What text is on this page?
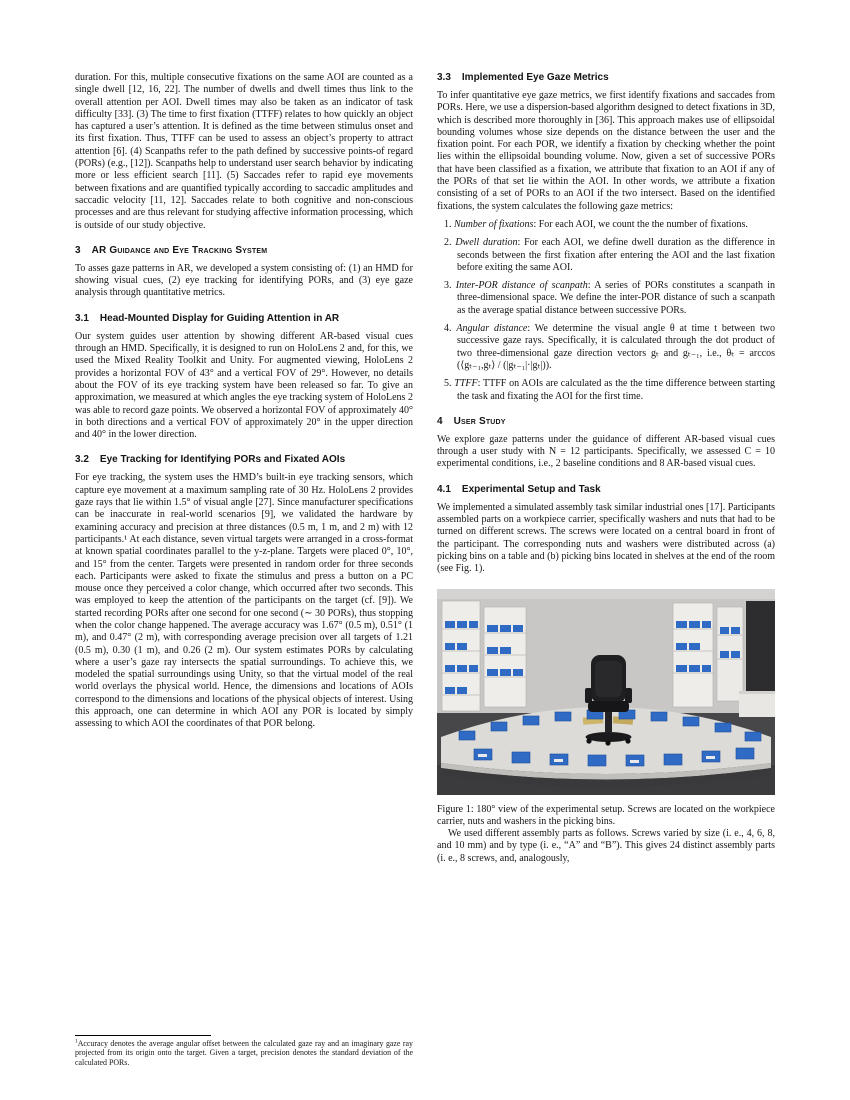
duration. For this, multiple consecutive fixations on the same AOI are counted as a single dwell [12, 16, 22]. The number of dwells and dwell times thus link to the overall attention per AOI. Dwell times may also be taken as an indicator of task difficulty [33]. (3) The time to first fixation (TTFF) relates to how quickly an object has captured a user’s attention. It is defined as the time between stimulus onset and its first fixation. Thus, TTFF can be used to assess an object’s property to attract attention [6]. (4) Scanpaths refer to the path defined by successive points-of regard (PORs) (e.g., [12]). Scanpaths help to understand user search behavior by indicating more or less efficient search [11]. (5) Saccades refer to rapid eye movements between fixations and are quantified typically according to saccadic amplitudes and saccadic velocity [11, 12]. Saccades relate to both cognitive and non-conscious processes and are thus relevant for studying affective information processing, which is outside of our study objective.

3 AR Guidance and Eye Tracking System

To asses gaze patterns in AR, we developed a system consisting of: (1) an HMD for showing visual cues, (2) eye tracking for identifying PORs, and (3) eye gaze analysis through quantitative metrics.

3.1 Head-Mounted Display for Guiding Attention in AR

Our system guides user attention by showing different AR-based visual cues through an HMD. Specifically, it is designed to run on HoloLens 2 and, for this, we used the Mixed Reality Toolkit and Unity. For augmented viewing, HoloLens 2 provides a horizontal FOV of 43° and a vertical FOV of 29°. However, no details about the FOV of its eye tracking system have been released so far. To give an approximation, we measured at which angles the eye tracking system of HoloLens 2 was able to record gaze points. We observed a horizontal FOV of approximately 40° in both directions and a vertical FOV of approximately 20° in the upper direction and 40° in the lower direction.

3.2 Eye Tracking for Identifying PORs and Fixated AOIs

For eye tracking, the system uses the HMD’s built-in eye tracking sensors, which capture eye movement at a maximum sampling rate of 30 Hz. HoloLens 2 provides gaze rays that lie within 1.5° of visual angle [27]. Since manufacturer specifications can be inaccurate in real-world scenarios [9], we validated the hardware by examining accuracy and precision at three distances (0.5 m, 1 m, and 2 m) with 12 participants.¹ At each distance, seven virtual targets were arranged in a cross-format at known spatial coordinates parallel to the y-z-plane. Targets were placed 0°, 10°, and 15° from the center. Targets were presented in random order for three seconds each. Participants were asked to fixate the stimulus and press a button on a PC mouse once they perceived a color change, which occurred after two seconds. This was employed to keep the attention of the participants on the target (cf. [9]). We started recording PORs after one second for one second (∼ 30 PORs), thus stopping when the color change happened. The average accuracy was 1.67° (0.5 m), 0.51° (1 m), and 0.47° (2 m), with corresponding average precision over all targets of 1.21 (0.5 m), 0.30 (1 m), and 0.26 (2 m). Our system estimates PORs by calculating where a user’s gaze ray intersects the spatial surroundings. To achieve this, we modeled the spatial surroundings using Unity, so that the virtual model of the real world overlays the physical world. Hence, the dimensions and locations of AOIs correspond to the dimensions and locations of the physical objects of interest. Using this approach, one can determine in which AOI any POR is located by simply assessing to which AOI the coordinates of that POR belong.

$^1$Accuracy denotes the average angular offset between the calculated gaze ray and an imaginary gaze ray projected from its origin onto the target. Given a target, precision denotes the standard deviation of the calculated PORs.
3.3 Implemented Eye Gaze Metrics

To infer quantitative eye gaze metrics, we first identify fixations and saccades from PORs. Here, we use a dispersion-based algorithm designed to detect fixations in 3D, which is described more thoroughly in [36]. This approach makes use of ellipsoidal bounding volumes whose size depends on the distance between the user and the fixation point. For each POR, we identify a fixation by checking whether the point lies within the ellipsoidal bounding volume. Now, given a set of successive PORs that have been classified as a fixation, we attribute that fixation to an AOI if any of the PORs of that set lie within the AOI. In other words, we attribute a fixation consisting of a set of PORs to an AOI if the two intersect. Based on the identified fixations, the system calculates the following gaze metrics:

1. Number of fixations: For each AOI, we count the the number of fixations.
2. Dwell duration: For each AOI, we define dwell duration as the difference in seconds between the first fixation after entering the AOI and the last fixation before exiting the same AOI.
3. Inter-POR distance of scanpath: A series of PORs constitutes a scanpath in three-dimensional space. We define the inter-POR distance of such a scanpath as the average spatial distance between successive PORs.
4. Angular distance: We determine the visual angle θ at time t between two successive gaze rays. Specifically, it is calculated through the dot product of two three-dimensional gaze direction vectors gₜ and gₜ₋₁, i.e., θₜ = arccos (⟨gₜ₋₁,gₜ⟩ / (|gₜ₋₁|·|gₜ|)).
5. TTFF: TTFF on AOIs are calculated as the the time difference between starting the task and fixating the AOI for the first time.
4 User Study

We explore gaze patterns under the guidance of different AR-based visual cues through a user study with N = 12 participants. Specifically, we assessed C = 10 experimental conditions, i.e., 2 baseline conditions and 8 AR-based visual cues.

4.1 Experimental Setup and Task

We implemented a simulated assembly task similar industrial ones [17]. Participants assembled parts on a workpiece carrier, specifically washers and nuts that had to be turned on different screws. The screws were located on a central board in front of the participant. The corresponding nuts and washers were distributed across (a) picking bins on a table and (b) picking bins located in shelves at the end of the room (see Fig. 1).

Figure 1: 180° view of the experimental setup. Screws are located on the workpiece carrier, nuts and washers in the picking bins.

We used different assembly parts as follows. Screws varied by size (i. e., 4, 6, 8, and 10 mm) and by type (i. e., “A” and “B”). This gives 24 distinct assembly parts (i. e., 8 screws, and, analogously,
